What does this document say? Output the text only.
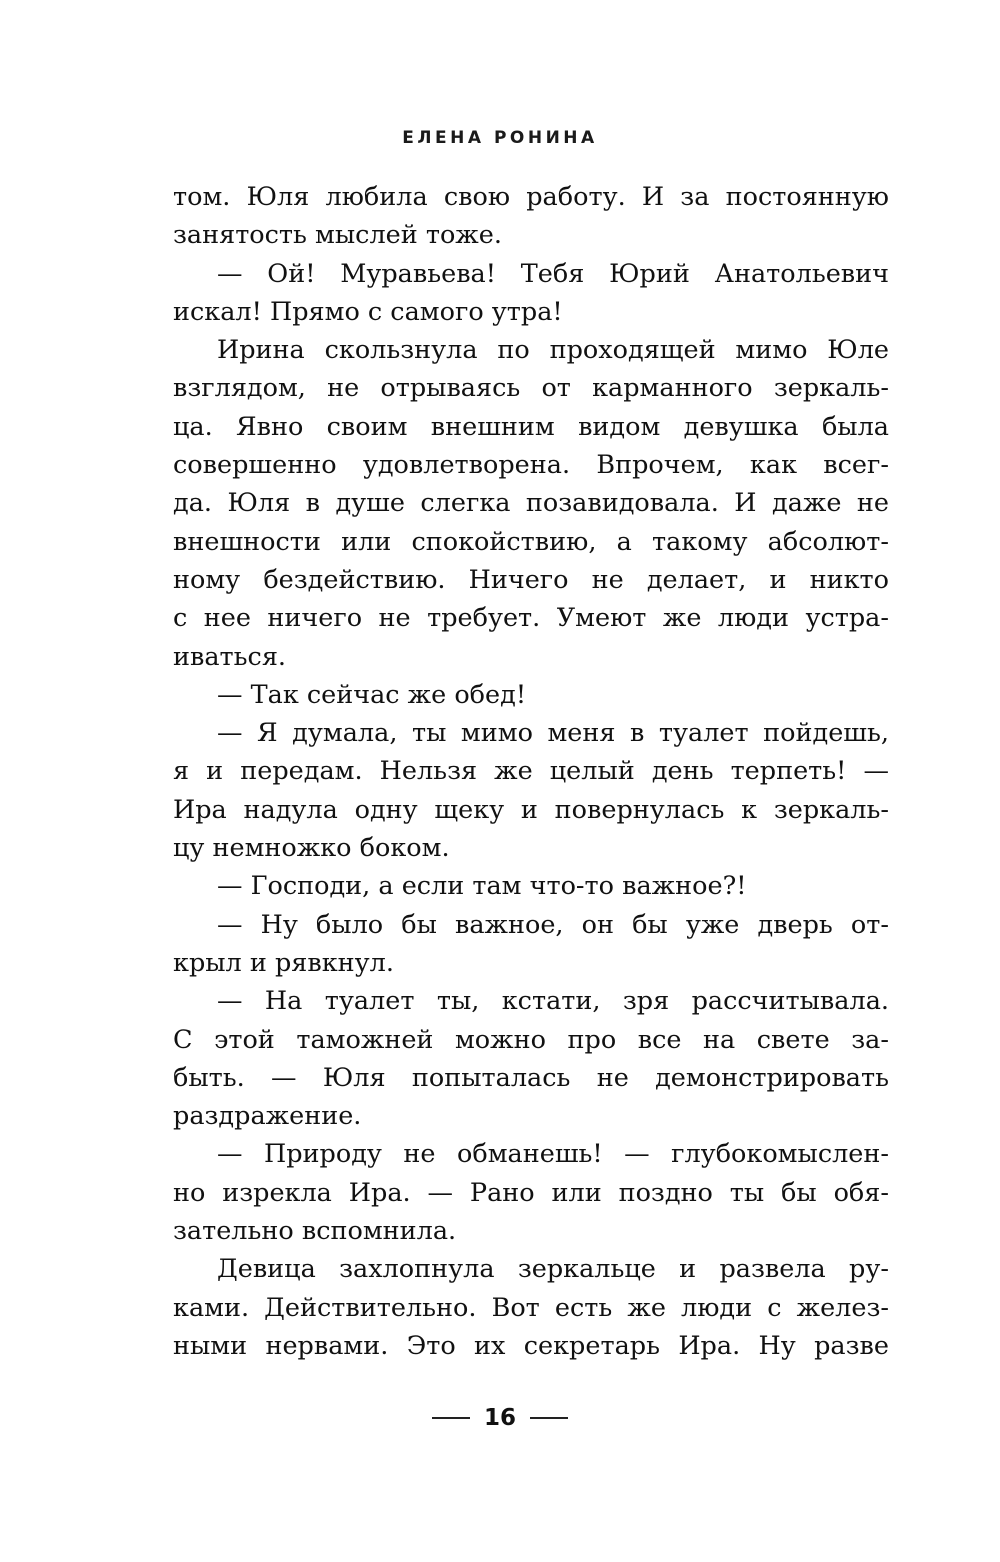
ЕЛЕНА РОНИНА
том. Юля любила свою работу. И за постоянную
занятость мыслей тоже.
— Ой! Муравьева! Тебя Юрий Анатольевич
искал! Прямо с самого утра!
Ирина скользнула по проходящей мимо Юле
взглядом, не отрываясь от карманного зеркаль-
ца. Явно своим внешним видом девушка была
совершенно удовлетворена. Впрочем, как всег-
да. Юля в душе слегка позавидовала. И даже не
внешности или спокойствию, а такому абсолют-
ному бездействию. Ничего не делает, и никто
с нее ничего не требует. Умеют же люди устра-
иваться.
— Так сейчас же обед!
— Я думала, ты мимо меня в туалет пойдешь,
я и передам. Нельзя же целый день терпеть! —
Ира надула одну щеку и повернулась к зеркаль-
цу немножко боком.
— Господи, а если там что-то важное?!
— Ну было бы важное, он бы уже дверь от-
крыл и рявкнул.
— На туалет ты, кстати, зря рассчитывала.
С этой таможней можно про все на свете за-
быть. — Юля попыталась не демонстрировать
раздражение.
— Природу не обманешь! — глубокомыслен-
но изрекла Ира. — Рано или поздно ты бы обя-
зательно вспомнила.
Девица захлопнула зеркальце и развела ру-
ками. Действительно. Вот есть же люди с желез-
ными нервами. Это их секретарь Ира. Ну разве
16
